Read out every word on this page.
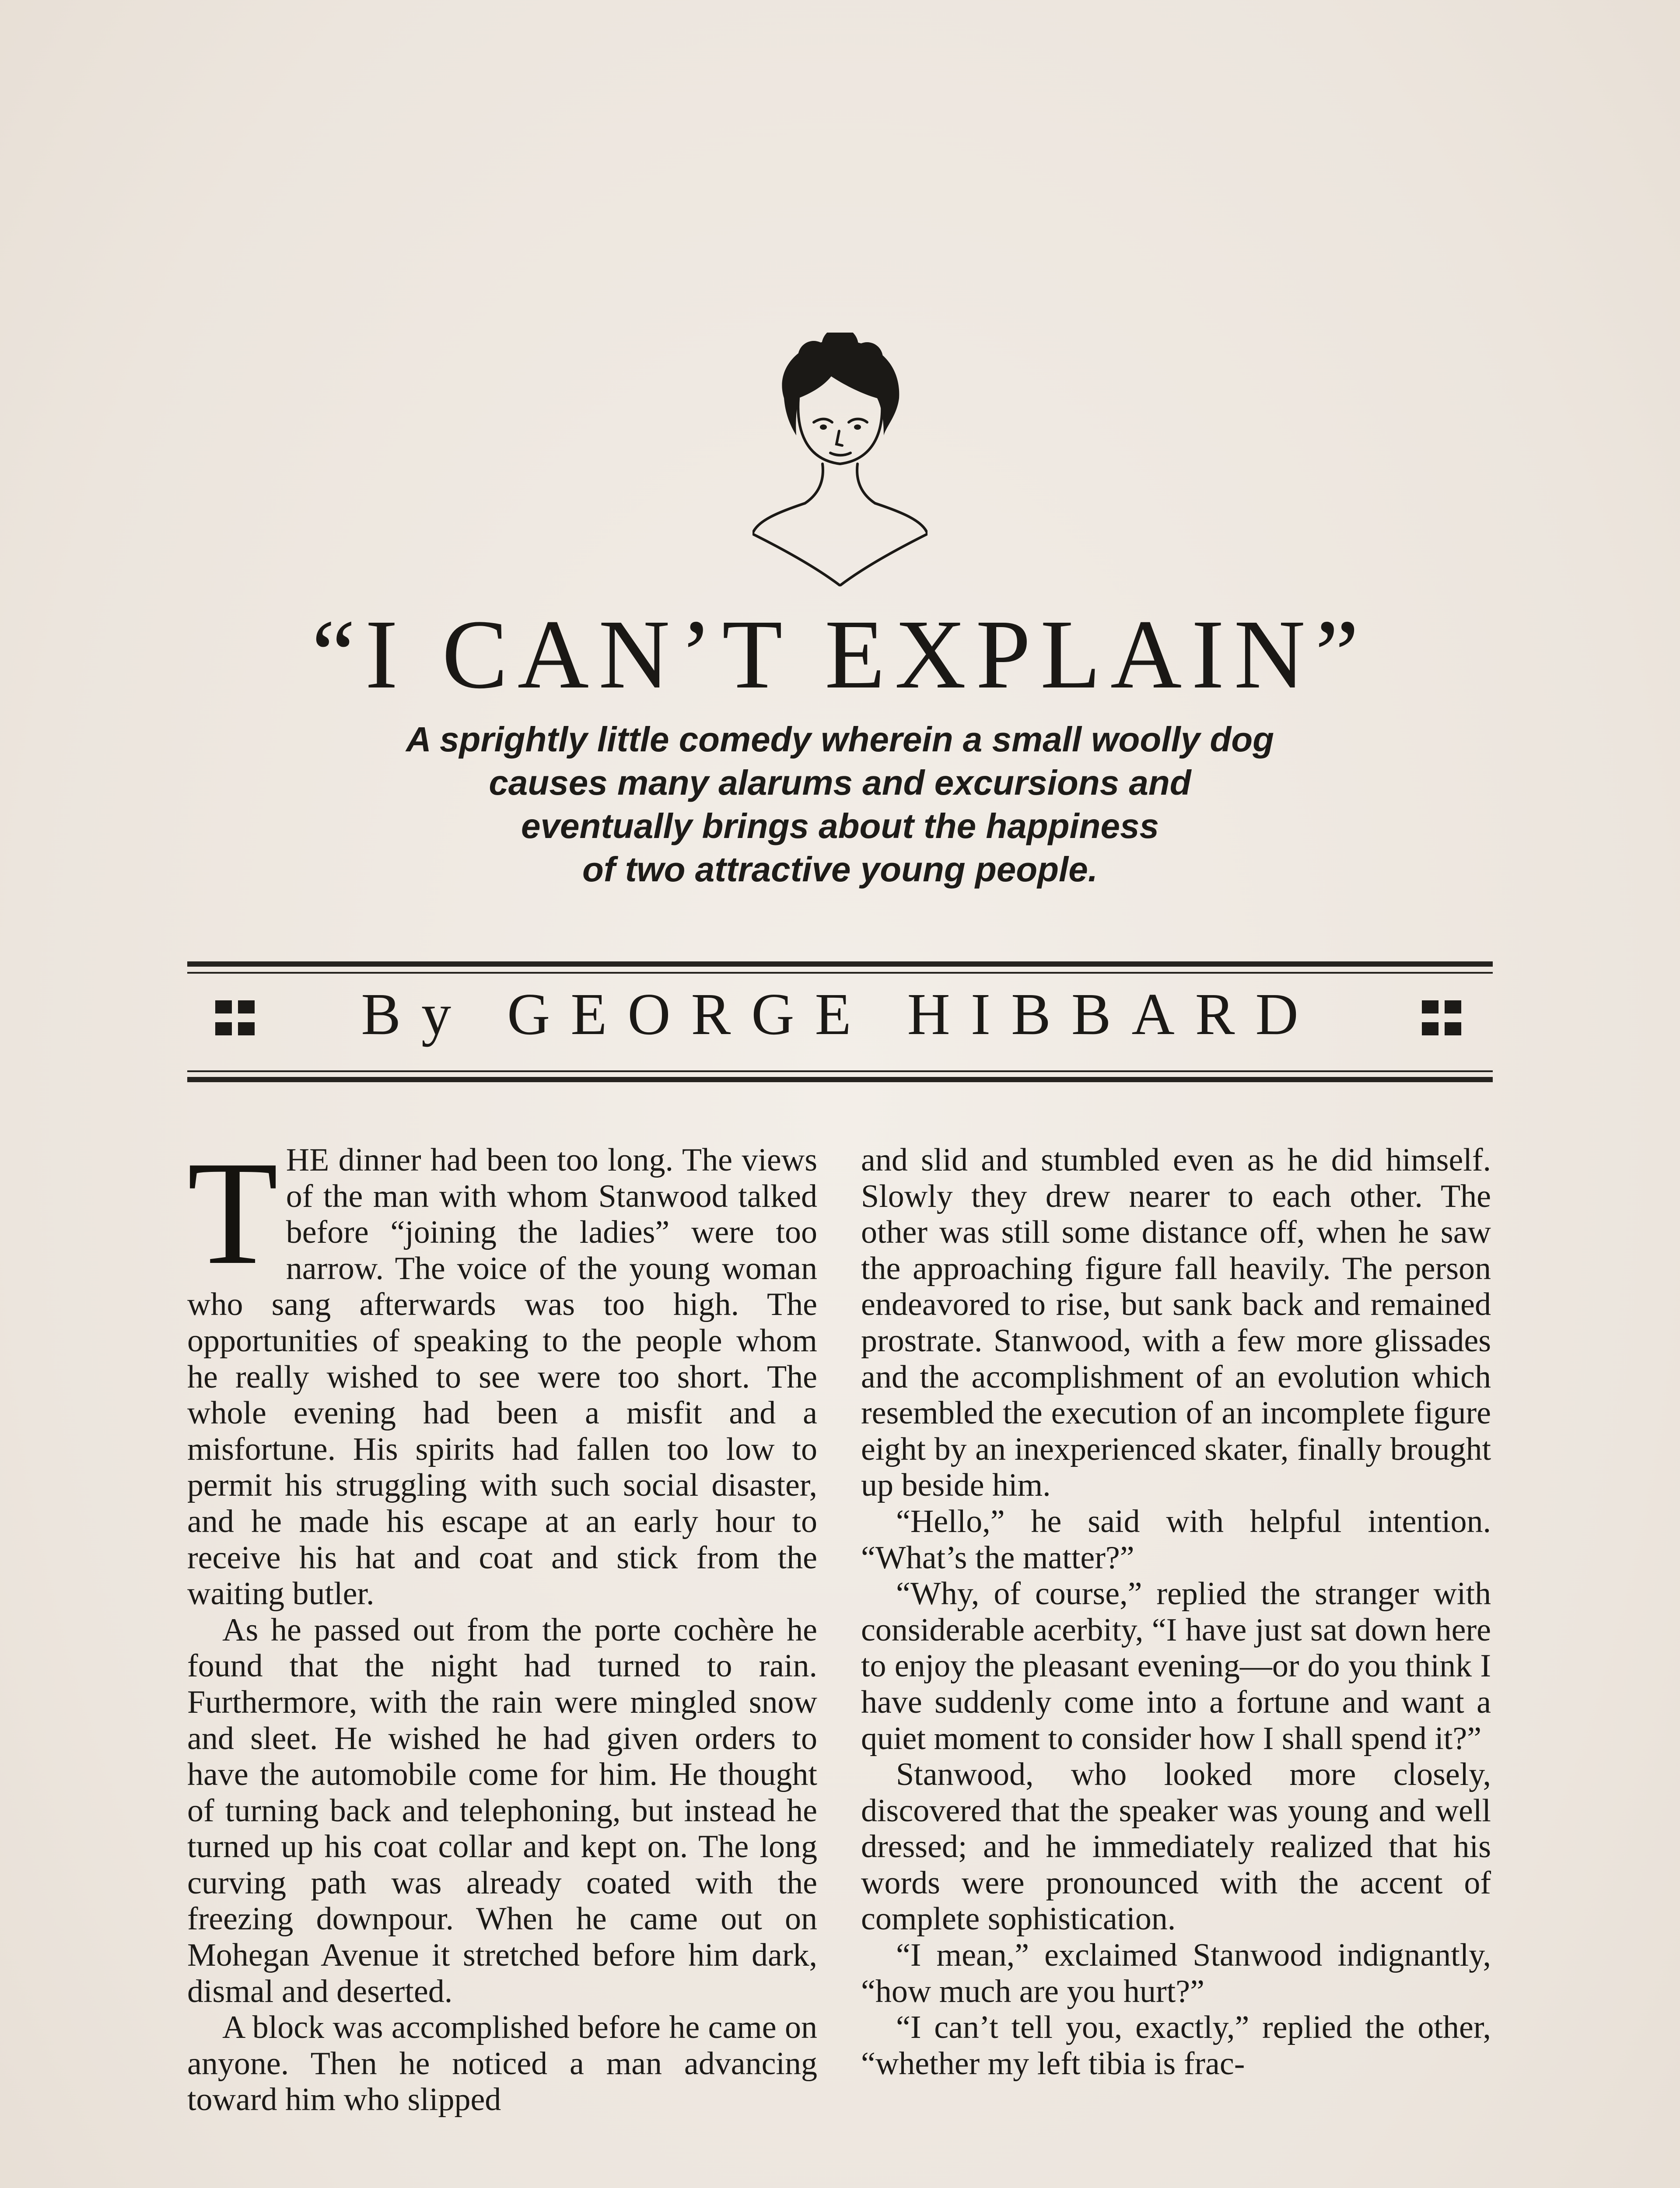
“I CAN’T EXPLAIN”
A sprightly little comedy wherein a small woolly dog
causes many alarums and excursions and
eventually brings about the happiness
of two attractive young people.
By GEORGE HIBBARD

THE dinner had been too long. The views of the man with whom Stanwood talked before “joining the ladies” were too narrow. The voice of the young woman who sang afterwards was too high. The opportunities of speaking to the people whom he really wished to see were too short. The whole evening had been a misfit and a misfortune. His spirits had fallen too low to permit his struggling with such social disaster, and he made his escape at an early hour to receive his hat and coat and stick from the waiting butler.

As he passed out from the porte cochère he found that the night had turned to rain. Furthermore, with the rain were mingled snow and sleet. He wished he had given orders to have the automobile come for him. He thought of turning back and telephoning, but instead he turned up his coat collar and kept on. The long curving path was already coated with the freezing downpour. When he came out on Mohegan Avenue it stretched before him dark, dismal and deserted.

A block was accomplished before he came on anyone. Then he noticed a man advancing toward him who slipped

and slid and stumbled even as he did himself. Slowly they drew nearer to each other. The other was still some distance off, when he saw the approaching figure fall heavily. The person endeavored to rise, but sank back and remained prostrate. Stanwood, with a few more glissades and the accomplishment of an evolution which resembled the execution of an incomplete figure eight by an inexperienced skater, finally brought up beside him.

“Hello,” he said with helpful intention. “What’s the matter?”

“Why, of course,” replied the stranger with considerable acerbity, “I have just sat down here to enjoy the pleasant evening—or do you think I have suddenly come into a fortune and want a quiet moment to consider how I shall spend it?”

Stanwood, who looked more closely, discovered that the speaker was young and well dressed; and he immediately realized that his words were pronounced with the accent of complete sophistication.

“I mean,” exclaimed Stanwood indignantly, “how much are you hurt?”

“I can’t tell you, exactly,” replied the other, “whether my left tibia is frac-
